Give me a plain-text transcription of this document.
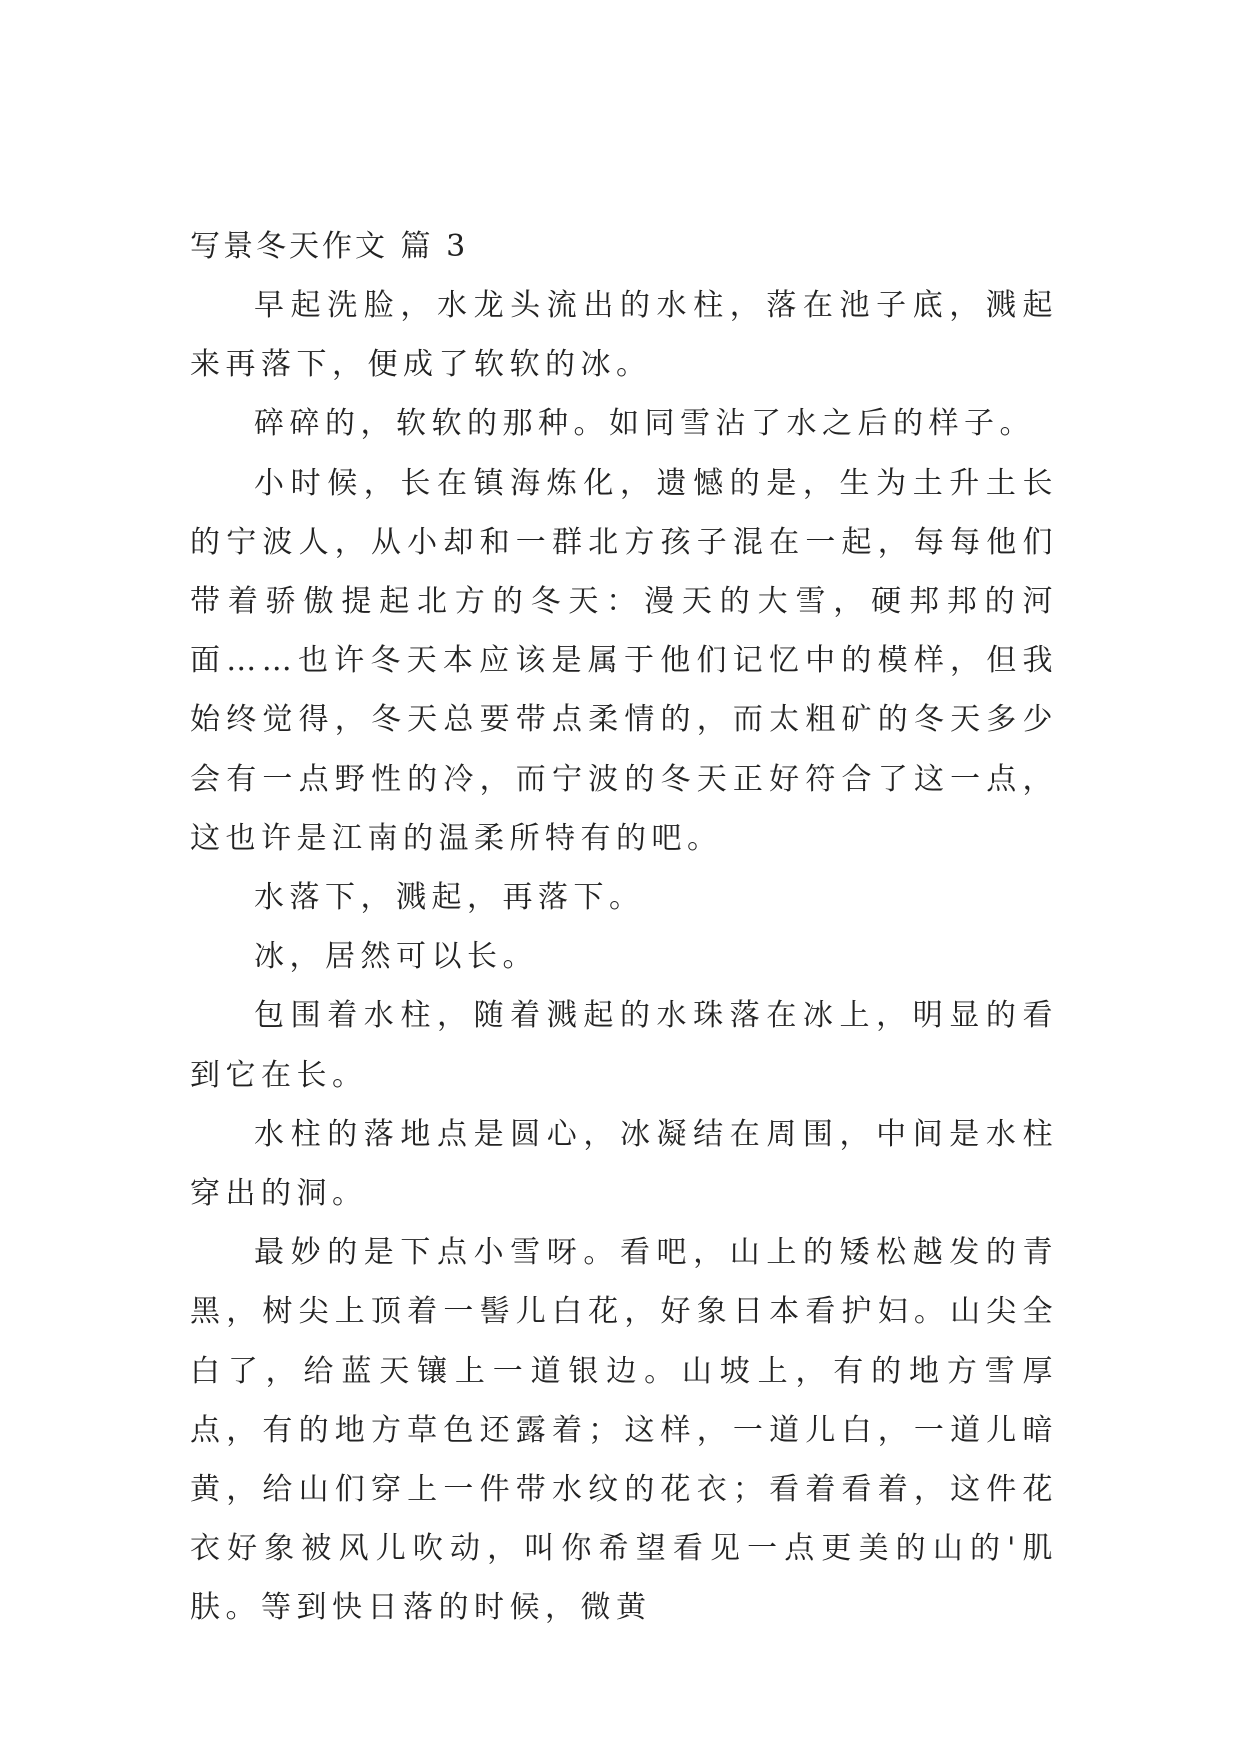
写景冬天作文 篇 3

早起洗脸，水龙头流出的水柱，落在池子底，溅起来再落下，便成了软软的冰。

碎碎的，软软的那种。如同雪沾了水之后的样子。

小时候，长在镇海炼化，遗憾的是，生为土升土长的宁波人，从小却和一群北方孩子混在一起，每每他们带着骄傲提起北方的冬天：漫天的大雪，硬邦邦的河面……也许冬天本应该是属于他们记忆中的模样，但我始终觉得，冬天总要带点柔情的，而太粗矿的冬天多少会有一点野性的冷，而宁波的冬天正好符合了这一点，这也许是江南的温柔所特有的吧。

水落下，溅起，再落下。

冰，居然可以长。

包围着水柱，随着溅起的水珠落在冰上，明显的看到它在长。

水柱的落地点是圆心，冰凝结在周围，中间是水柱穿出的洞。

最妙的是下点小雪呀。看吧，山上的矮松越发的青黑，树尖上顶着一髻儿白花，好象日本看护妇。山尖全白了，给蓝天镶上一道银边。山坡上，有的地方雪厚点，有的地方草色还露着；这样，一道儿白，一道儿暗黄，给山们穿上一件带水纹的花衣；看着看着，这件花衣好象被风儿吹动，叫你希望看见一点更美的山的'肌肤。等到快日落的时候，微黄
